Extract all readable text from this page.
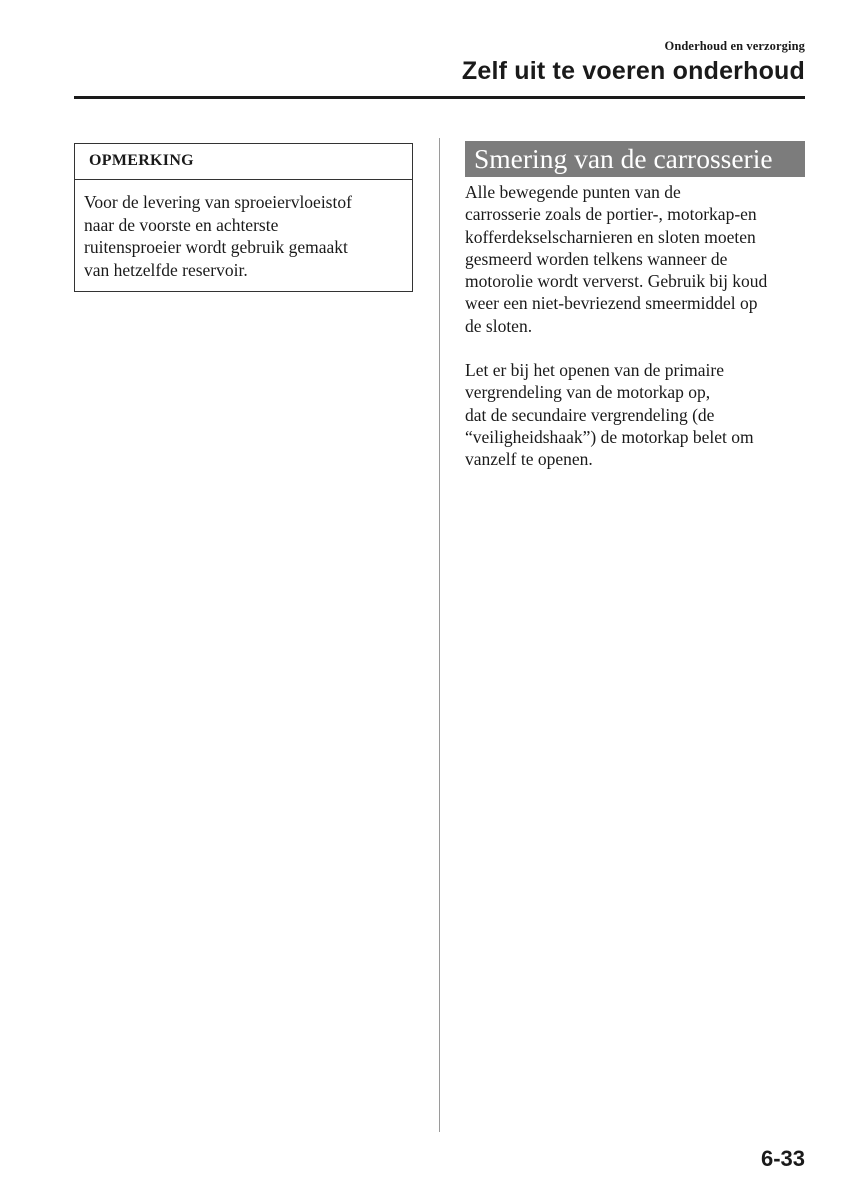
Onderhoud en verzorging
Zelf uit te voeren onderhoud
OPMERKING
Voor de levering van sproeiervloeistof
naar de voorste en achterste
ruitensproeier wordt gebruik gemaakt
van hetzelfde reservoir.
Smering van de carrosserie

Alle bewegende punten van de
carrosserie zoals de portier-, motorkap-en
kofferdekselscharnieren en sloten moeten
gesmeerd worden telkens wanneer de
motorolie wordt ververst. Gebruik bij koud
weer een niet-bevriezend smeermiddel op
de sloten.

Let er bij het openen van de primaire
vergrendeling van de motorkap op,
dat de secundaire vergrendeling (de
“veiligheidshaak”) de motorkap belet om
vanzelf te openen.

6-33
